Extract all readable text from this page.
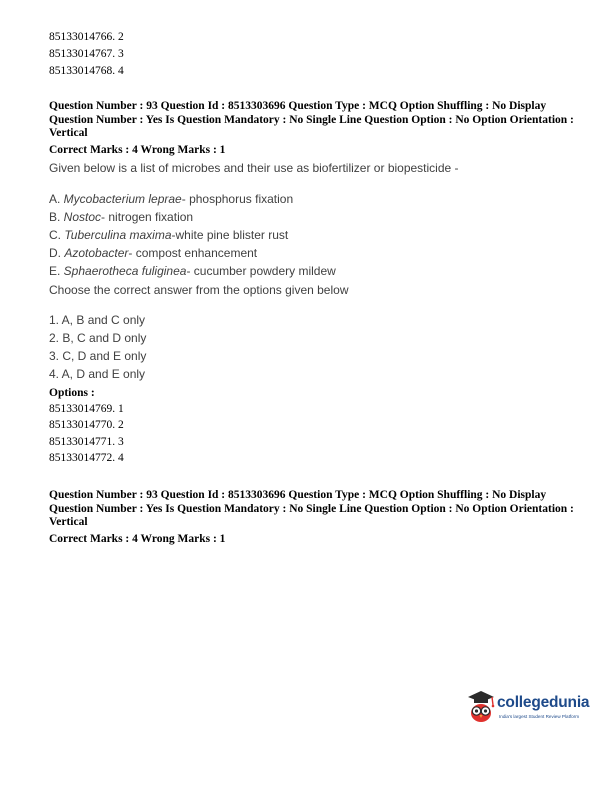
85133014766. 2
85133014767. 3
85133014768. 4
Question Number : 93 Question Id : 8513303696 Question Type : MCQ Option Shuffling : No Display Question Number : Yes Is Question Mandatory : No Single Line Question Option : No Option Orientation : Vertical
Correct Marks : 4 Wrong Marks : 1
Given below is a list of microbes and their use as biofertilizer or biopesticide -
A. Mycobacterium leprae- phosphorus fixation
B. Nostoc- nitrogen fixation
C. Tuberculina maxima-white pine blister rust
D. Azotobacter- compost enhancement
E. Sphaerotheca fuliginea- cucumber powdery mildew
Choose the correct answer from the options given below
1. A, B and C only
2. B, C and D only
3. C, D and E only
4. A, D and E only
Options :
85133014769. 1
85133014770. 2
85133014771. 3
85133014772. 4
Question Number : 93 Question Id : 8513303696 Question Type : MCQ Option Shuffling : No Display Question Number : Yes Is Question Mandatory : No Single Line Question Option : No Option Orientation : Vertical
Correct Marks : 4 Wrong Marks : 1
collegedunia
India's largest Student Review Platform
